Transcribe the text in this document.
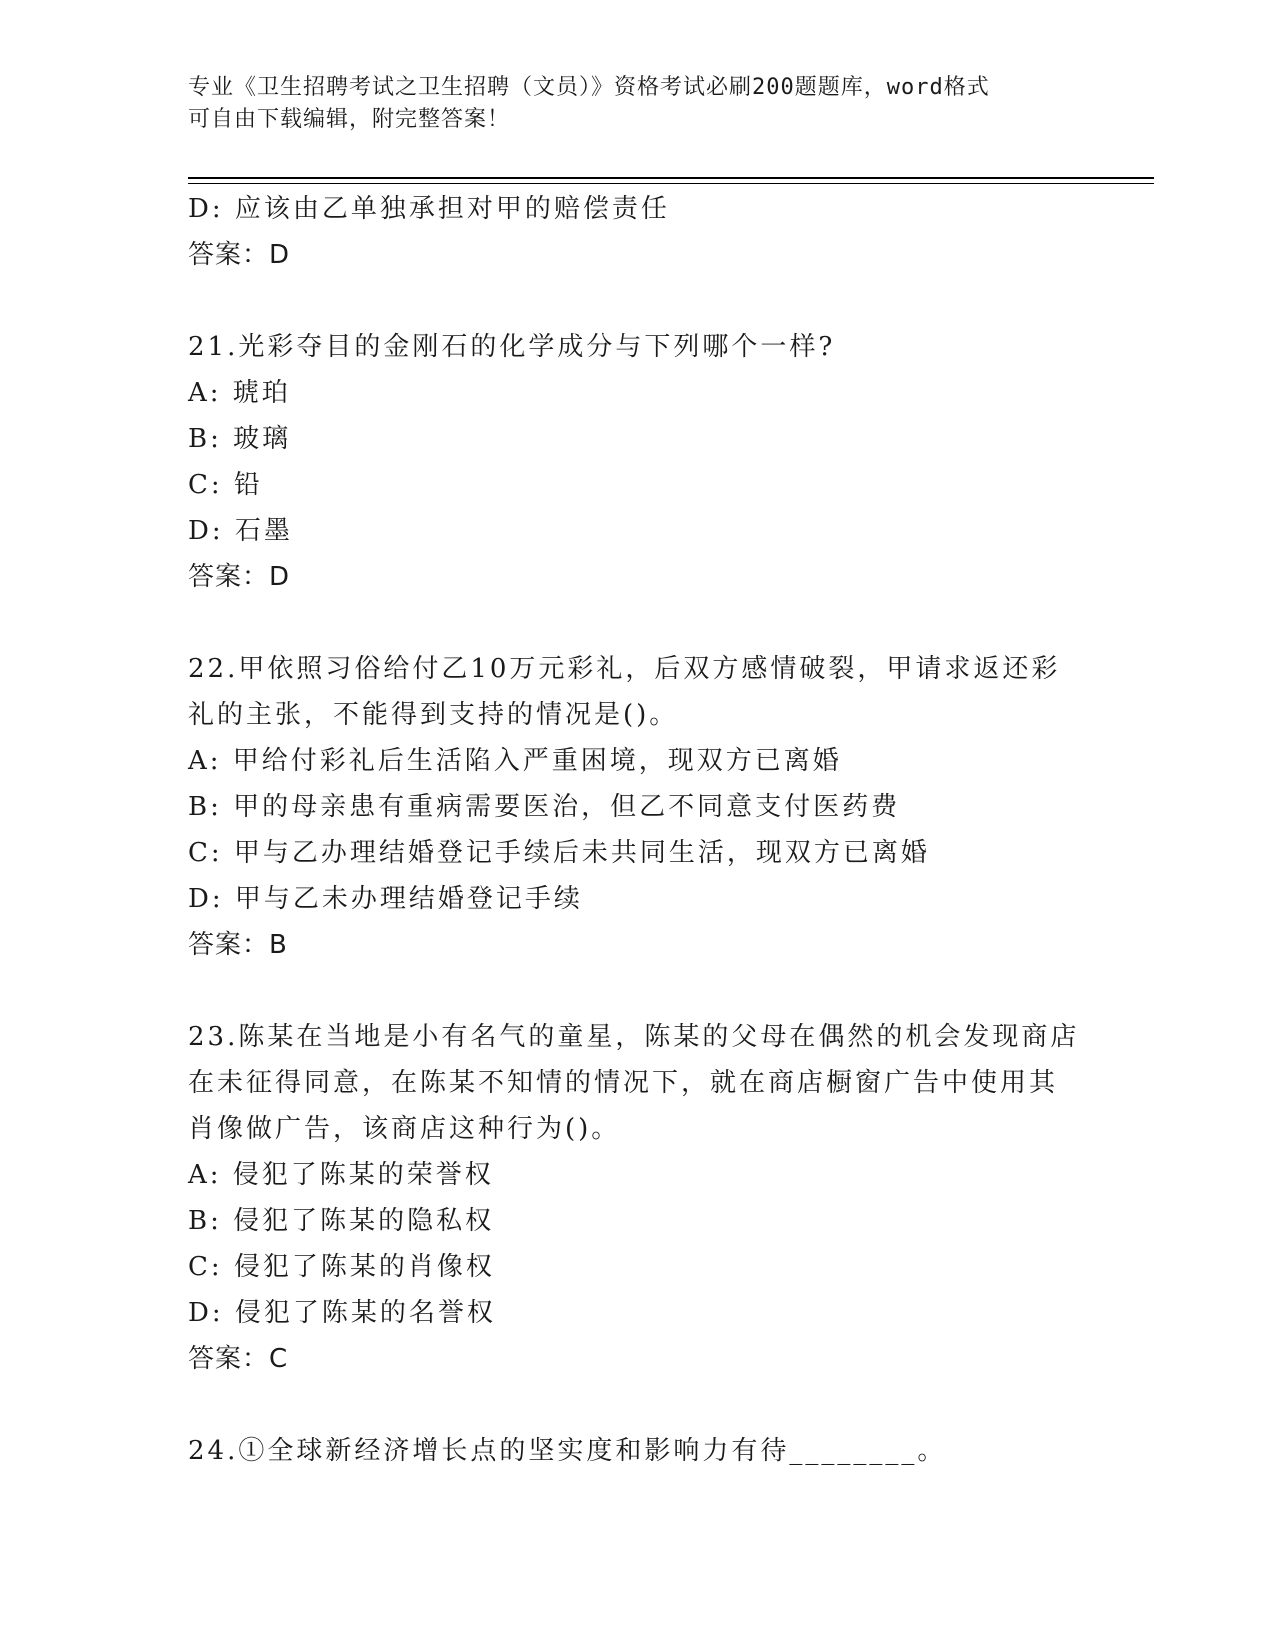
专业《卫生招聘考试之卫生招聘（文员）》资格考试必刷200题题库，word格式
可自由下载编辑，附完整答案！
D: 应该由乙单独承担对甲的赔偿责任
答案：D
21.光彩夺目的金刚石的化学成分与下列哪个一样?
A: 琥珀
B: 玻璃
C: 铅
D: 石墨
答案：D
22.甲依照习俗给付乙10万元彩礼，后双方感情破裂，甲请求返还彩
礼的主张，不能得到支持的情况是()。
A: 甲给付彩礼后生活陷入严重困境，现双方已离婚
B: 甲的母亲患有重病需要医治，但乙不同意支付医药费
C: 甲与乙办理结婚登记手续后未共同生活，现双方已离婚
D: 甲与乙未办理结婚登记手续
答案：B
23.陈某在当地是小有名气的童星，陈某的父母在偶然的机会发现商店
在未征得同意，在陈某不知情的情况下，就在商店橱窗广告中使用其
肖像做广告，该商店这种行为()。
A: 侵犯了陈某的荣誉权
B: 侵犯了陈某的隐私权
C: 侵犯了陈某的肖像权
D: 侵犯了陈某的名誉权
答案：C
24.①全球新经济增长点的坚实度和影响力有待________。
